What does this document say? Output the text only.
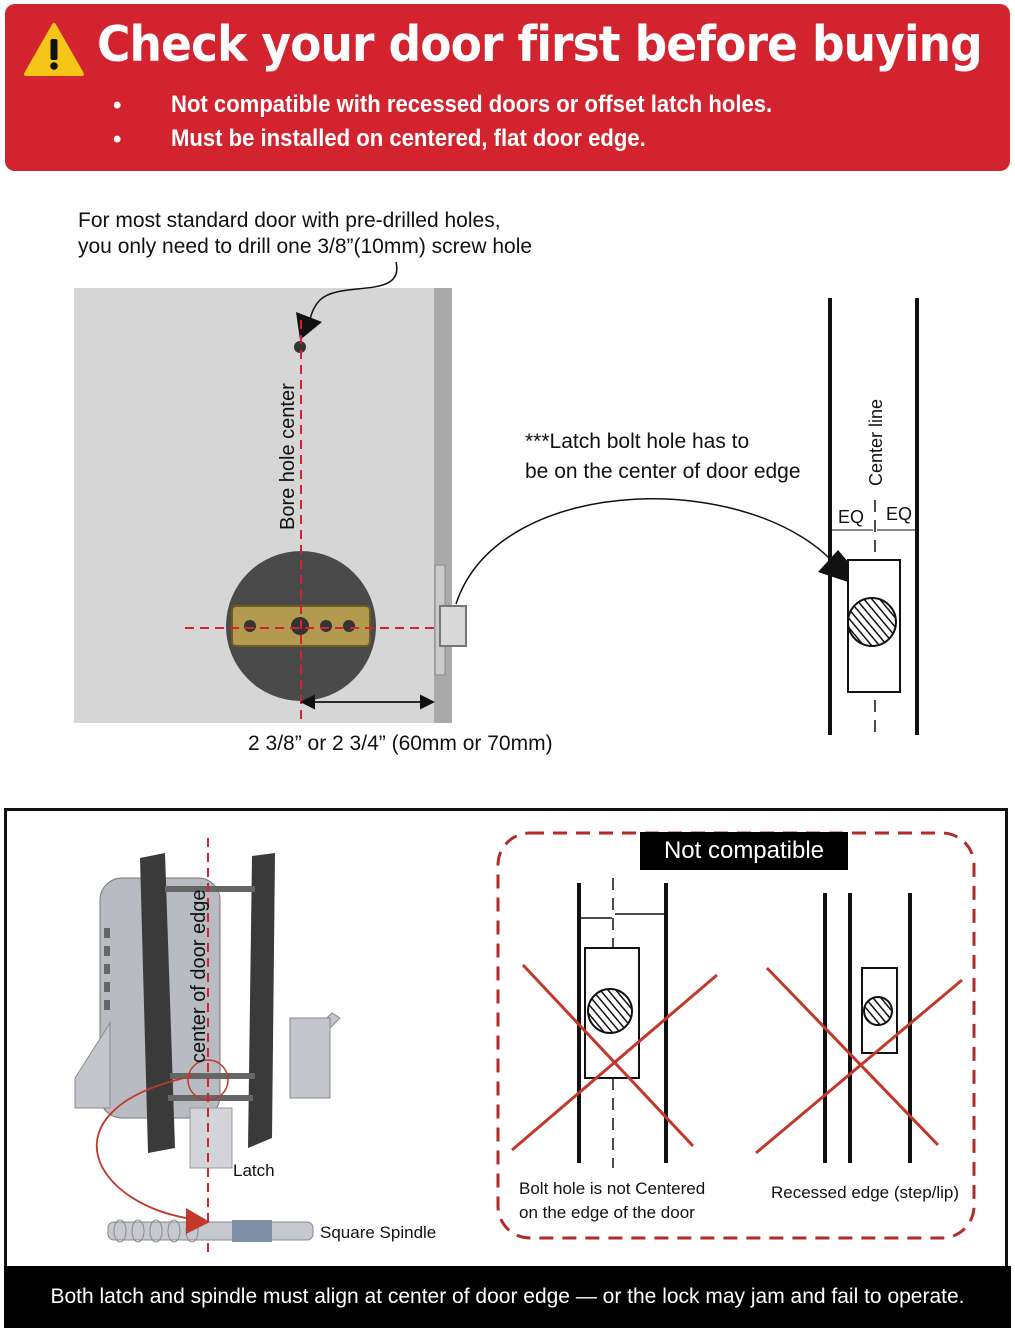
Check your door first before buying
• Not compatible with recessed doors or offset latch holes.
• Must be installed on centered, flat door edge.
For most standard door with pre-drilled holes,
you only need to drill one 3/8”(10mm) screw hole
***Latch bolt hole has to
be on the center of door edge
2 3/8” or 2 3/4” (60mm or 70mm)
Bore hole center	Center line
EQ EQ
center of door edge
Latch
Square Spindle
Bolt hole is not Centered
on the edge of the door
Recessed edge (step/lip)
Not compatible
Both latch and spindle must align at center of door edge — or the lock may jam and fail to operate.
